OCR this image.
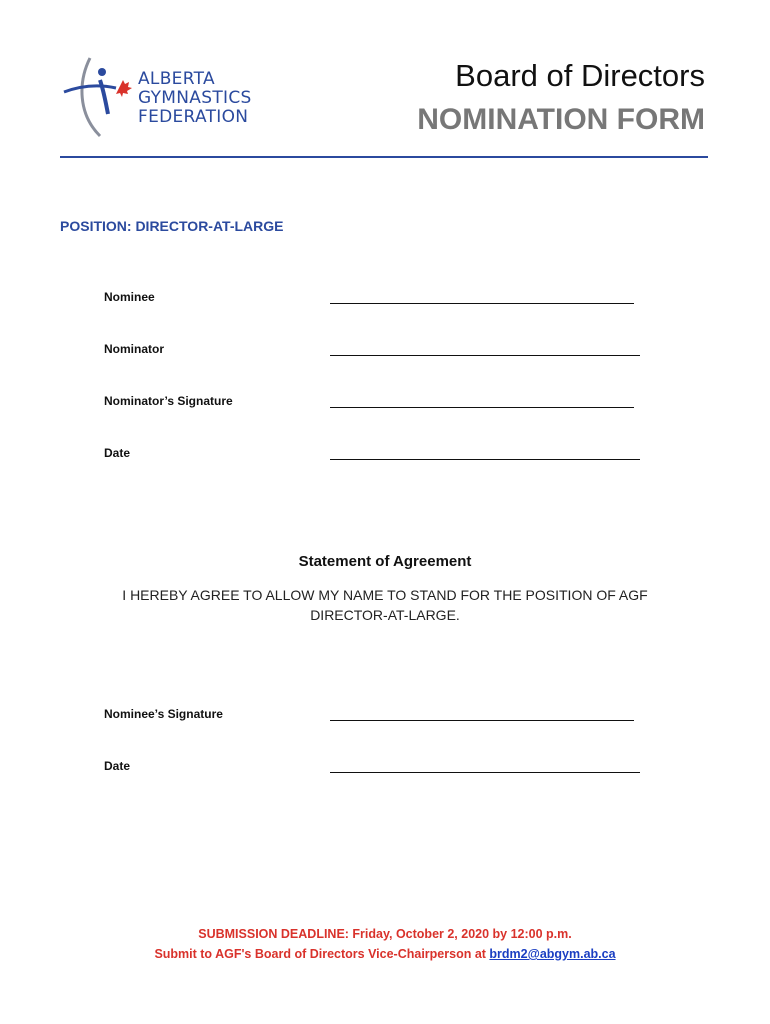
ALBERTA
GYMNASTICS
FEDERATION
Board of Directors
NOMINATION FORM
POSITION: DIRECTOR-AT-LARGE
Nominee
Nominator
Nominator’s Signature
Date
Statement of Agreement
I HEREBY AGREE TO ALLOW MY NAME TO STAND FOR THE POSITION OF AGF DIRECTOR-AT-LARGE.
Nominee’s Signature
Date
SUBMISSION DEADLINE: Friday, October 2, 2020 by 12:00 p.m.
Submit to AGF's Board of Directors Vice-Chairperson at brdm2@abgym.ab.ca
